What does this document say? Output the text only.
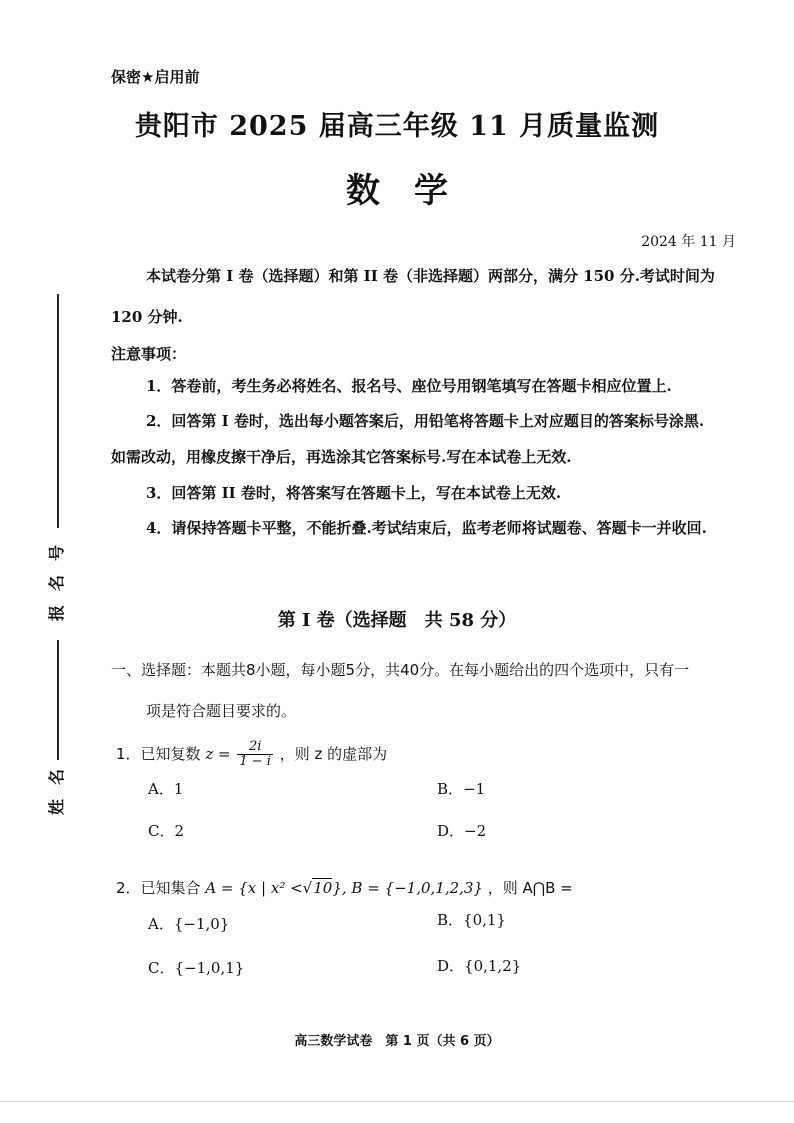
保密★启用前
贵阳市 2025 届高三年级 11 月质量监测
数　学
2024 年 11 月
本试卷分第 I 卷（选择题）和第 II 卷（非选择题）两部分，满分 150 分.考试时间为
120 分钟.
注意事项：
1．答卷前，考生务必将姓名、报名号、座位号用钢笔填写在答题卡相应位置上.
2．回答第 I 卷时，选出每小题答案后，用铅笔将答题卡上对应题目的答案标号涂黑.
如需改动，用橡皮擦干净后，再选涂其它答案标号.写在本试卷上无效.
3．回答第 II 卷时，将答案写在答题卡上，写在本试卷上无效.
4．请保持答题卡平整，不能折叠.考试结束后，监考老师将试题卷、答题卡一并收回.
第 I 卷（选择题　共 58 分）
一、选择题：本题共8小题，每小题5分，共40分。在每小题给出的四个选项中，只有一
项是符合题目要求的。
1．已知复数 $z = \frac{2i}{1 - i}$ ，则 z 的虚部为
A．1	B．−1
C．2	D．−2
2．已知集合 A = {x | x² <√10}, B = {−1,0,1,2,3} ，则 A⋂B =
A．{−1,0}	B．{0,1}
C．{−1,0,1}	D．{0,1,2}
号
名
报
名
姓
高三数学试卷　第 1 页（共 6 页）
